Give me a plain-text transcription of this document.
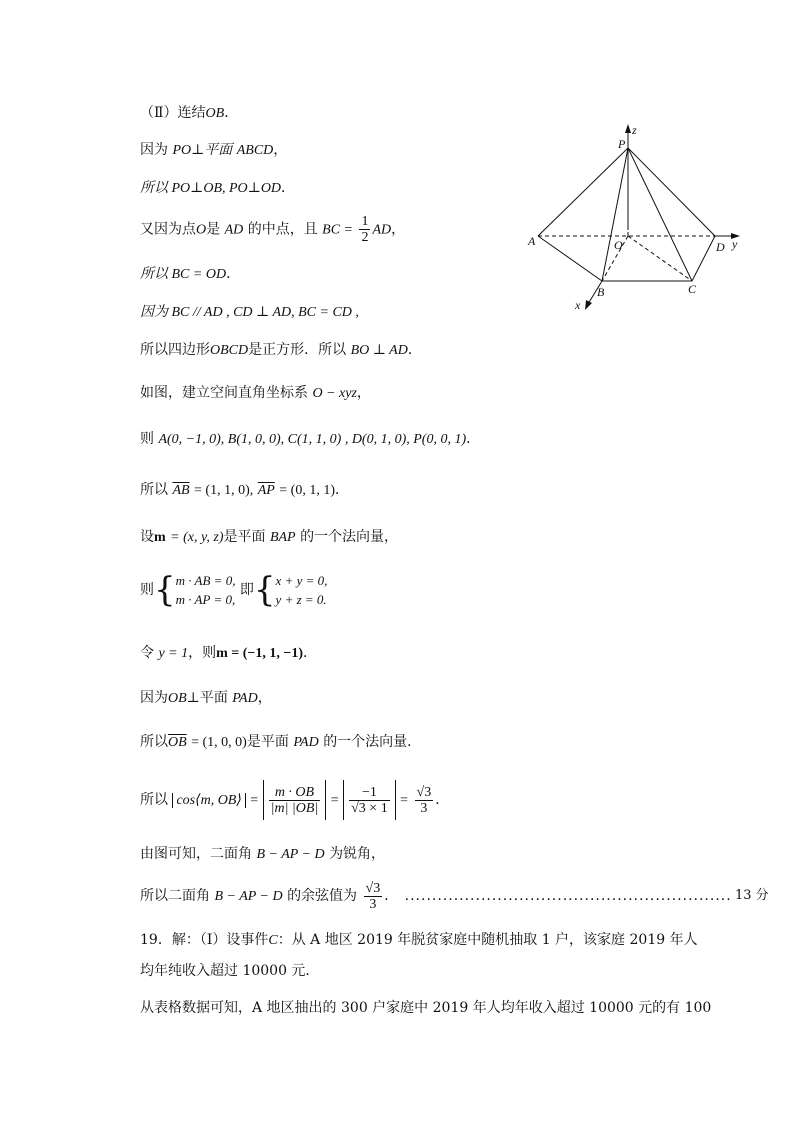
P
z
A	O	D y
B	C
x
（Ⅱ）连结OB．
因为 PO⊥平面 ABCD，
所以 PO⊥OB, PO⊥OD．
又因为点O是 AD 的中点，且 BC = $\frac{1}{2}$ AD，
所以 BC = OD．
因为 BC // AD , CD ⊥ AD, BC = CD ,
所以四边形OBCD是正方形．所以 BO ⊥ AD．
如图，建立空间直角坐标系 O − xyz，
则 A(0, −1, 0), B(1, 0, 0), C(1, 1, 0) , D(0, 1, 0), P(0, 0, 1)．
所以 $\overline{AB} = (1$, 1, 0), $\overline{AP} = (0$, 1, 1)．
设m = (x, y, z)是平面 BAP 的一个法向量，
则{ m · AB = 0,
m · AP = 0,
即{ x + y = 0,
y + z = 0.
令 y = 1，则m = (−1, 1, −1)．
因为OB⊥平面 PAD，
所以$\overline{OB} = (1$, 0, 0)是平面 PAD 的一个法向量．
所以 cos⟨m, OB⟩ = $\frac{m \cdot OB}{|m| |OB|} = \frac{-1}{√3 \times 1} = \frac{√3}{3}$ ．
由图可知，二面角 B − AP − D 为锐角，
所以二面角 B − AP − D 的余弦值为 $\frac{√3}{3}$ ． ............................................................ 13 分
19．解：（Ⅰ）设事件C：从 A 地区 2019 年脱贫家庭中随机抽取 1 户，该家庭 2019 年人
均年纯收入超过 10000 元．
从表格数据可知，A 地区抽出的 300 户家庭中 2019 年人均年收入超过 10000 元的有 100
